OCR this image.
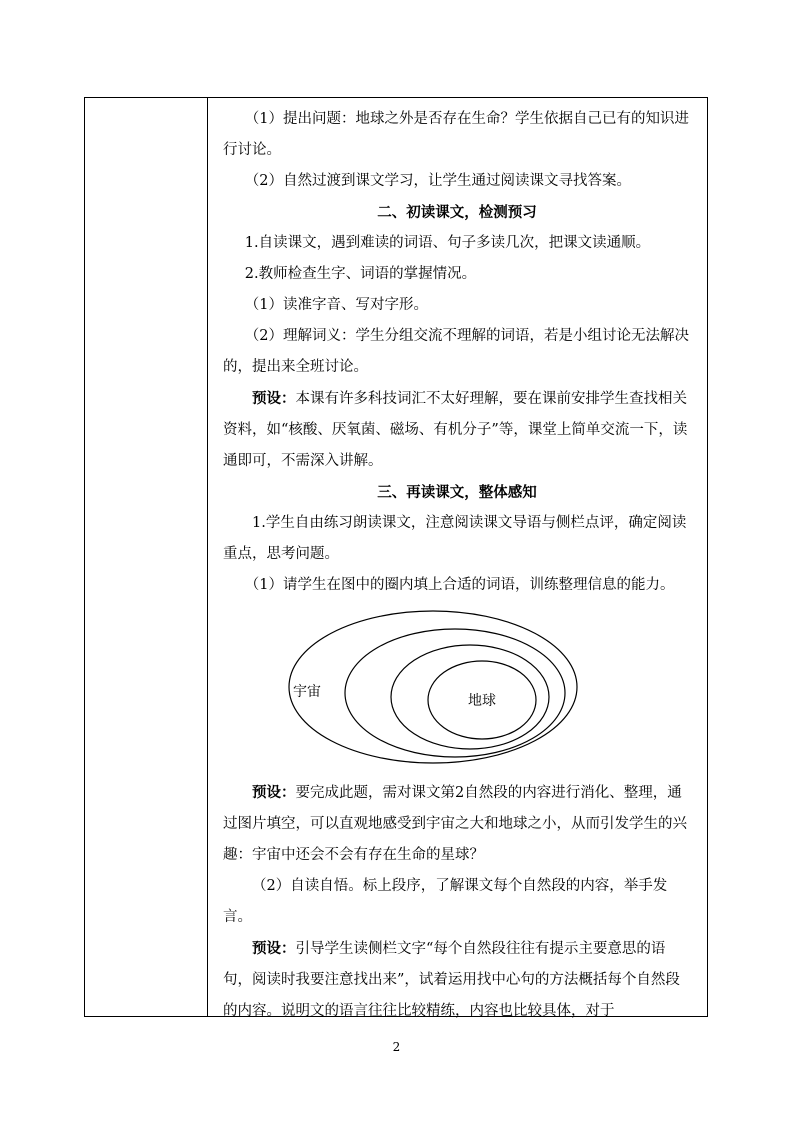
（1）提出问题：地球之外是否存在生命？学生依据自己已有的知识进行讨论。

（2）自然过渡到课文学习，让学生通过阅读课文寻找答案。

二、初读课文，检测预习

1.自读课文，遇到难读的词语、句子多读几次，把课文读通顺。

2.教师检查生字、词语的掌握情况。

（1）读准字音、写对字形。

（2）理解词义：学生分组交流不理解的词语，若是小组讨论无法解决的，提出来全班讨论。

预设：本课有许多科技词汇不太好理解，要在课前安排学生查找相关资料，如“核酸、厌氧菌、磁场、有机分子”等，课堂上简单交流一下，读通即可，不需深入讲解。

三、再读课文，整体感知

1.学生自由练习朗读课文，注意阅读课文导语与侧栏点评，确定阅读重点，思考问题。

（1）请学生在图中的圈内填上合适的词语，训练整理信息的能力。

宇宙
地球

预设：要完成此题，需对课文第2自然段的内容进行消化、整理，通过图片填空，可以直观地感受到宇宙之大和地球之小，从而引发学生的兴趣：宇宙中还会不会有存在生命的星球？

（2）自读自悟。标上段序，了解课文每个自然段的内容，举手发言。

预设：引导学生读侧栏文字“每个自然段往往有提示主要意思的语句，阅读时我要注意找出来”，试着运用找中心句的方法概括每个自然段的内容。说明文的语言往往比较精练，内容也比较具体，对于

2
